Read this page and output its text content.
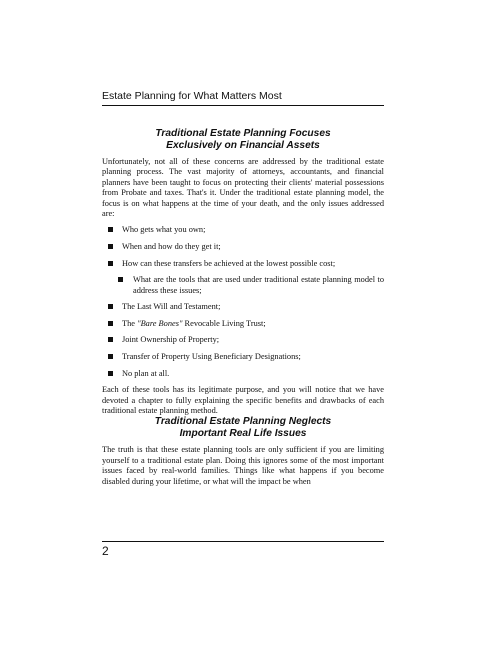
Estate Planning for What Matters Most
Traditional Estate Planning Focuses
Exclusively on Financial Assets

Unfortunately, not all of these concerns are addressed by the traditional estate planning process. The vast majority of attorneys, accountants, and financial planners have been taught to focus on protecting their clients' material possessions from Probate and taxes. That's it. Under the traditional estate planning model, the focus is on what happens at the time of your death, and the only issues addressed are:

Who gets what you own;
When and how do they get it;
How can these transfers be achieved at the lowest possible cost;
What are the tools that are used under traditional estate planning model to address these issues;
The Last Will and Testament;
The "Bare Bones" Revocable Living Trust;
Joint Ownership of Property;
Transfer of Property Using Beneficiary Designations;
No plan at all.

Each of these tools has its legitimate purpose, and you will notice that we have devoted a chapter to fully explaining the specific benefits and drawbacks of each traditional estate planning method.

Traditional Estate Planning Neglects
Important Real Life Issues

The truth is that these estate planning tools are only sufficient if you are limiting yourself to a traditional estate plan. Doing this ignores some of the most important issues faced by real-world families. Things like what happens if you become disabled during your lifetime, or what will the impact be when

2
